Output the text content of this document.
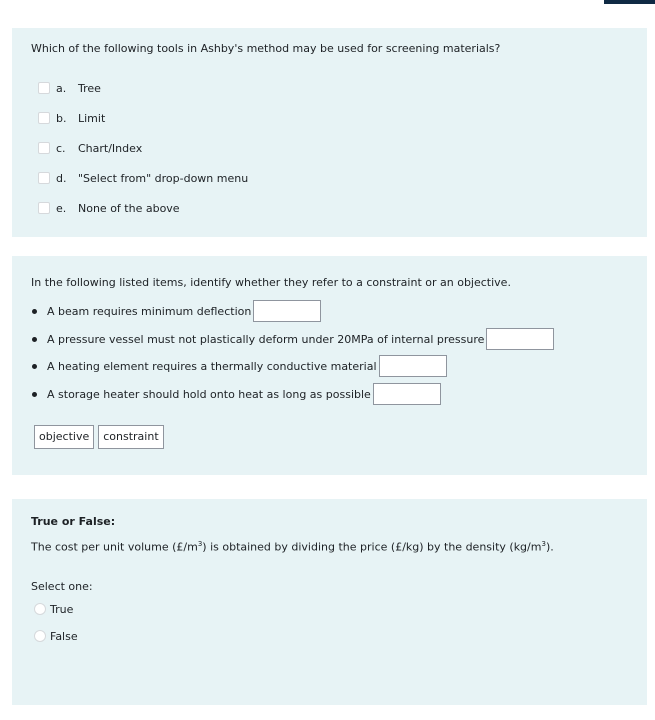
Which of the following tools in Ashby's method may be used for screening materials?
a.	Tree
b.	Limit
c.	Chart/Index
d.	"Select from" drop-down menu
e.	None of the above
In the following listed items, identify whether they refer to a constraint or an objective.
A beam requires minimum deflection
A pressure vessel must not plastically deform under 20MPa of internal pressure
A heating element requires a thermally conductive material
A storage heater should hold onto heat as long as possible
objective	constraint
True or False:
The cost per unit volume $(£/m^3)$ is obtained by dividing the price (£/kg) by the density $(kg/m^3)$.
Select one:
True
False
